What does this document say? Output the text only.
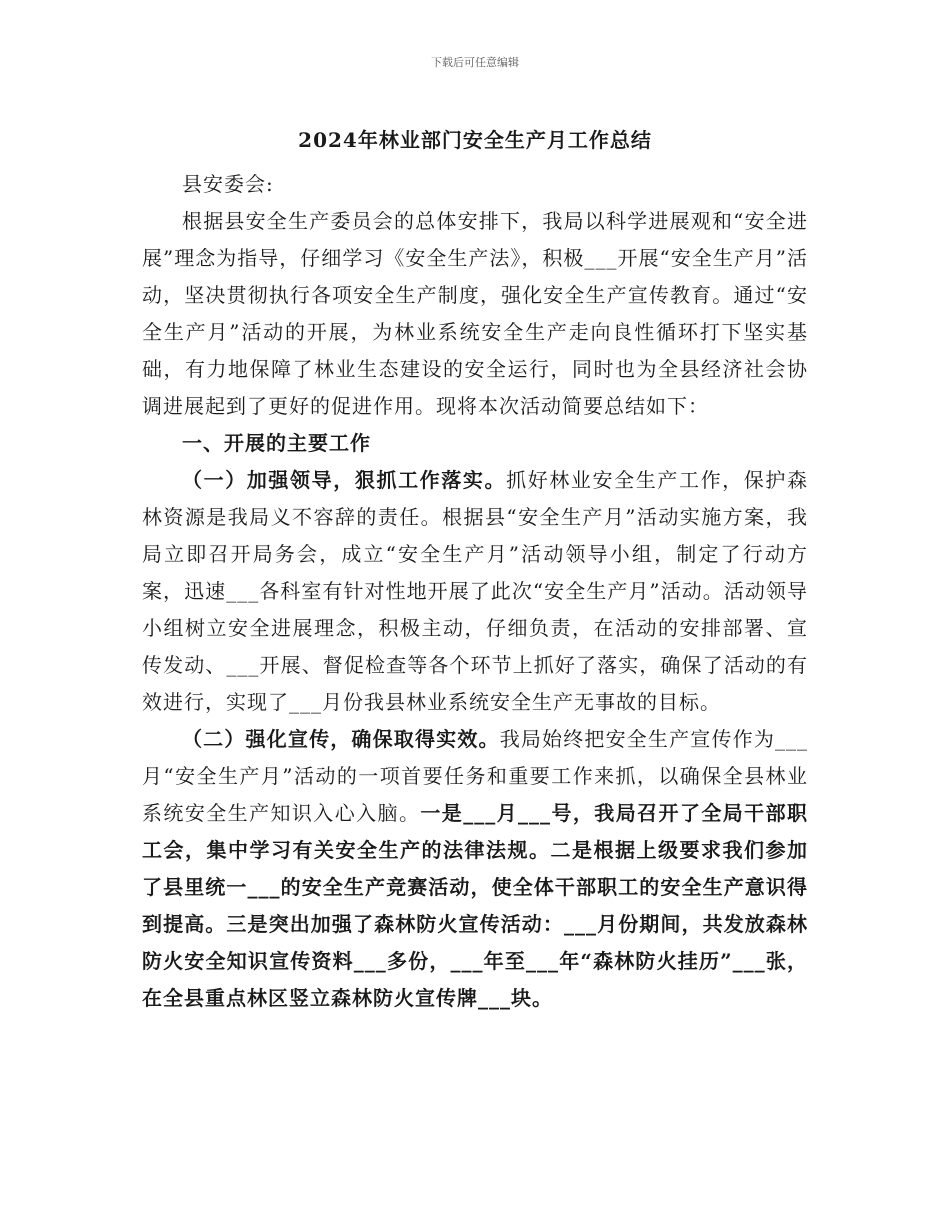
下载后可任意编辑
2024年林业部门安全生产月工作总结

县安委会:

根据县安全生产委员会的总体安排下，我局以科学进展观和“安全进展”理念为指导，仔细学习《安全生产法》，积极___开展“安全生产月”活动，坚决贯彻执行各项安全生产制度，强化安全生产宣传教育。通过“安全生产月”活动的开展，为林业系统安全生产走向良性循环打下坚实基础，有力地保障了林业生态建设的安全运行，同时也为全县经济社会协调进展起到了更好的促进作用。现将本次活动简要总结如下：

一、开展的主要工作

（一）加强领导，狠抓工作落实。抓好林业安全生产工作，保护森林资源是我局义不容辞的责任。根据县“安全生产月”活动实施方案，我局立即召开局务会，成立“安全生产月”活动领导小组，制定了行动方案，迅速___各科室有针对性地开展了此次“安全生产月”活动。活动领导小组树立安全进展理念，积极主动，仔细负责，在活动的安排部署、宣传发动、___开展、督促检查等各个环节上抓好了落实，确保了活动的有效进行，实现了___月份我县林业系统安全生产无事故的目标。

（二）强化宣传，确保取得实效。我局始终把安全生产宣传作为___月“安全生产月”活动的一项首要任务和重要工作来抓，以确保全县林业系统安全生产知识入心入脑。一是___月___号，我局召开了全局干部职工会，集中学习有关安全生产的法律法规。二是根据上级要求我们参加了县里统一___的安全生产竞赛活动，使全体干部职工的安全生产意识得到提高。三是突出加强了森林防火宣传活动：___月份期间，共发放森林防火安全知识宣传资料___多份，___年至___年“森林防火挂历”___张，在全县重点林区竖立森林防火宣传牌___块。
